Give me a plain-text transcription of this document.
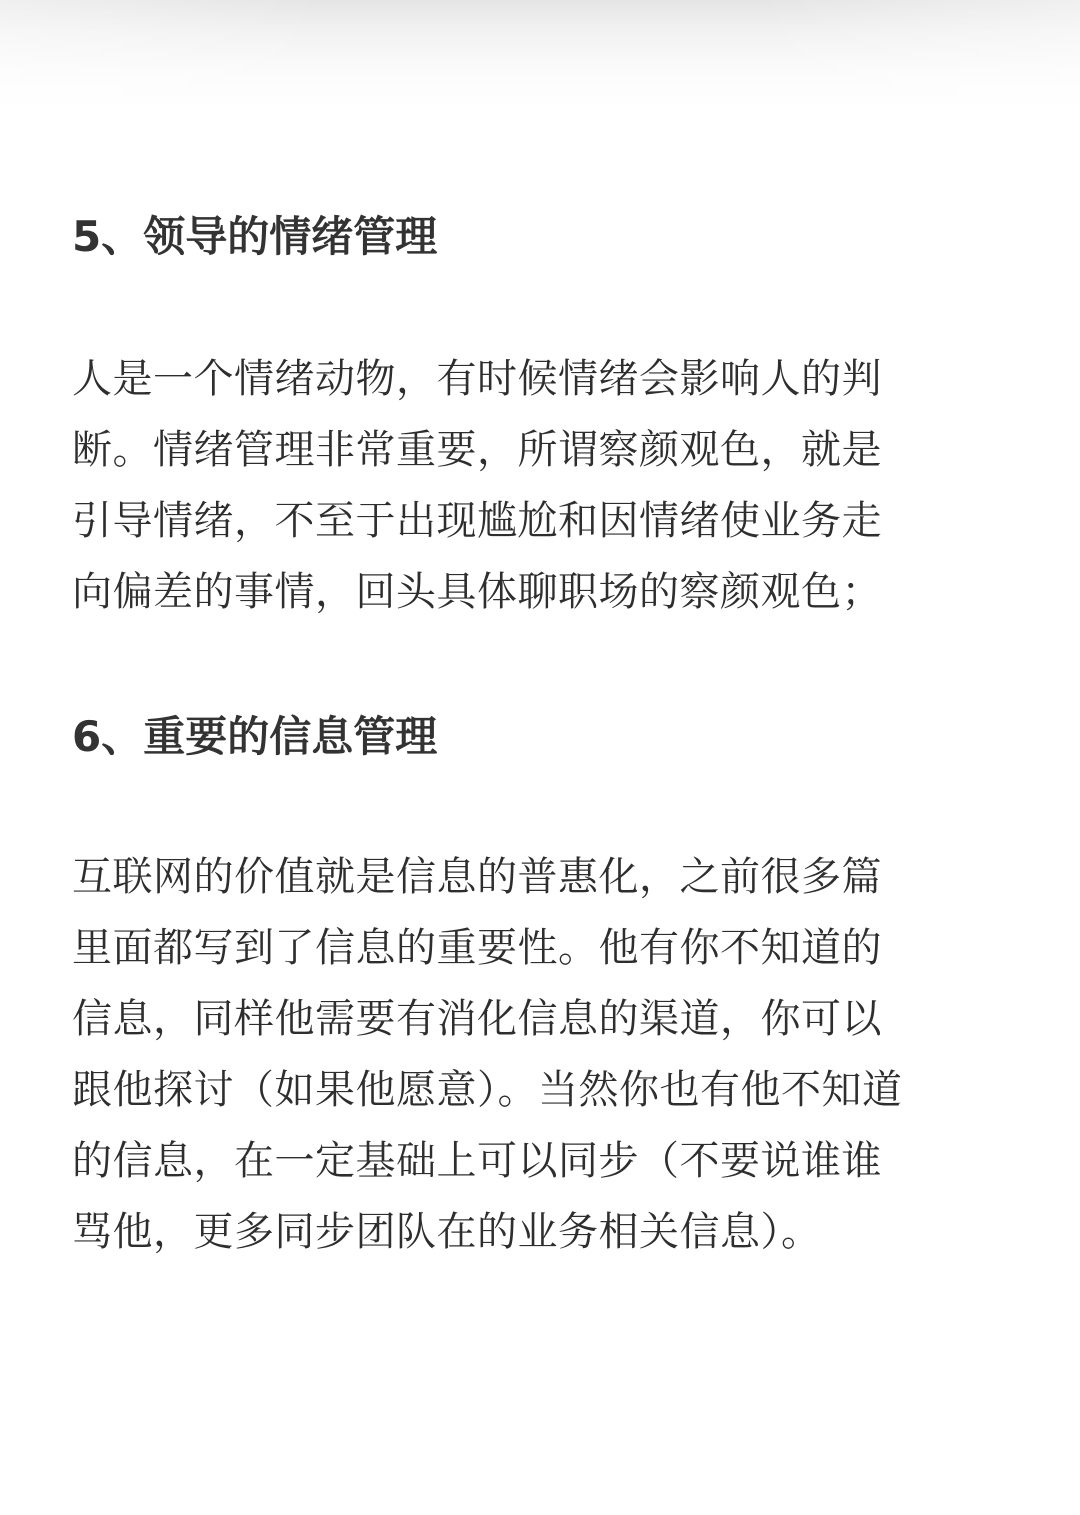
5、领导的情绪管理
人是一个情绪动物，有时候情绪会影响人的判
断。情绪管理非常重要，所谓察颜观色，就是
引导情绪，不至于出现尴尬和因情绪使业务走
向偏差的事情，回头具体聊职场的察颜观色；
6、重要的信息管理
互联网的价值就是信息的普惠化，之前很多篇
里面都写到了信息的重要性。他有你不知道的
信息，同样他需要有消化信息的渠道，你可以
跟他探讨（如果他愿意）。当然你也有他不知道
的信息，在一定基础上可以同步（不要说谁谁
骂他，更多同步团队在的业务相关信息）。
